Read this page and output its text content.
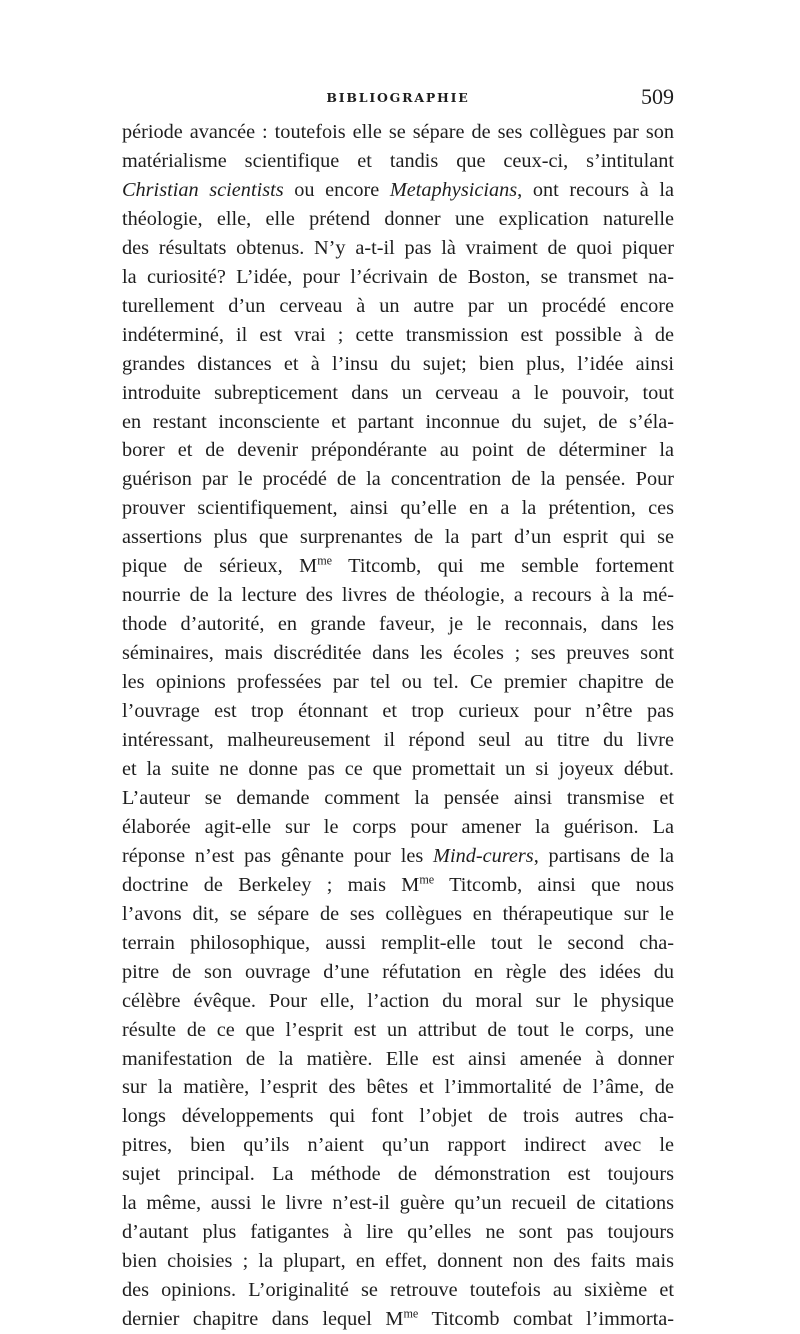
BIBLIOGRAPHIE	509
période avancée : toutefois elle se sépare de ses collègues par son
matérialisme scientifique et tandis que ceux-ci, s’intitulant
Christian scientists ou encore Metaphysicians, ont recours à la
théologie, elle, elle prétend donner une explication naturelle
des résultats obtenus. N’y a-t-il pas là vraiment de quoi piquer
la curiosité? L’idée, pour l’écrivain de Boston, se transmet na-
turellement d’un cerveau à un autre par un procédé encore
indéterminé, il est vrai ; cette transmission est possible à de
grandes distances et à l’insu du sujet; bien plus, l’idée ainsi
introduite subrepticement dans un cerveau a le pouvoir, tout
en restant inconsciente et partant inconnue du sujet, de s’éla-
borer et de devenir prépondérante au point de déterminer la
guérison par le procédé de la concentration de la pensée. Pour
prouver scientifiquement, ainsi qu’elle en a la prétention, ces
assertions plus que surprenantes de la part d’un esprit qui se
pique de sérieux, $M^{me}$ Titcomb, qui me semble fortement
nourrie de la lecture des livres de théologie, a recours à la mé-
thode d’autorité, en grande faveur, je le reconnais, dans les
séminaires, mais discréditée dans les écoles ; ses preuves sont
les opinions professées par tel ou tel. Ce premier chapitre de
l’ouvrage est trop étonnant et trop curieux pour n’être pas
intéressant, malheureusement il répond seul au titre du livre
et la suite ne donne pas ce que promettait un si joyeux début.
L’auteur se demande comment la pensée ainsi transmise et
élaborée agit-elle sur le corps pour amener la guérison. La
réponse n’est pas gênante pour les Mind-curers, partisans de la
doctrine de Berkeley ; mais $M^{me}$ Titcomb, ainsi que nous
l’avons dit, se sépare de ses collègues en thérapeutique sur le
terrain philosophique, aussi remplit-elle tout le second cha-
pitre de son ouvrage d’une réfutation en règle des idées du
célèbre évêque. Pour elle, l’action du moral sur le physique
résulte de ce que l’esprit est un attribut de tout le corps, une
manifestation de la matière. Elle est ainsi amenée à donner
sur la matière, l’esprit des bêtes et l’immortalité de l’âme, de
longs développements qui font l’objet de trois autres cha-
pitres, bien qu’ils n’aient qu’un rapport indirect avec le
sujet principal. La méthode de démonstration est toujours
la même, aussi le livre n’est-il guère qu’un recueil de citations
d’autant plus fatigantes à lire qu’elles ne sont pas toujours
bien choisies ; la plupart, en effet, donnent non des faits mais
des opinions. L’originalité se retrouve toutefois au sixième et
dernier chapitre dans lequel $M^{me}$ Titcomb combat l’immorta-
